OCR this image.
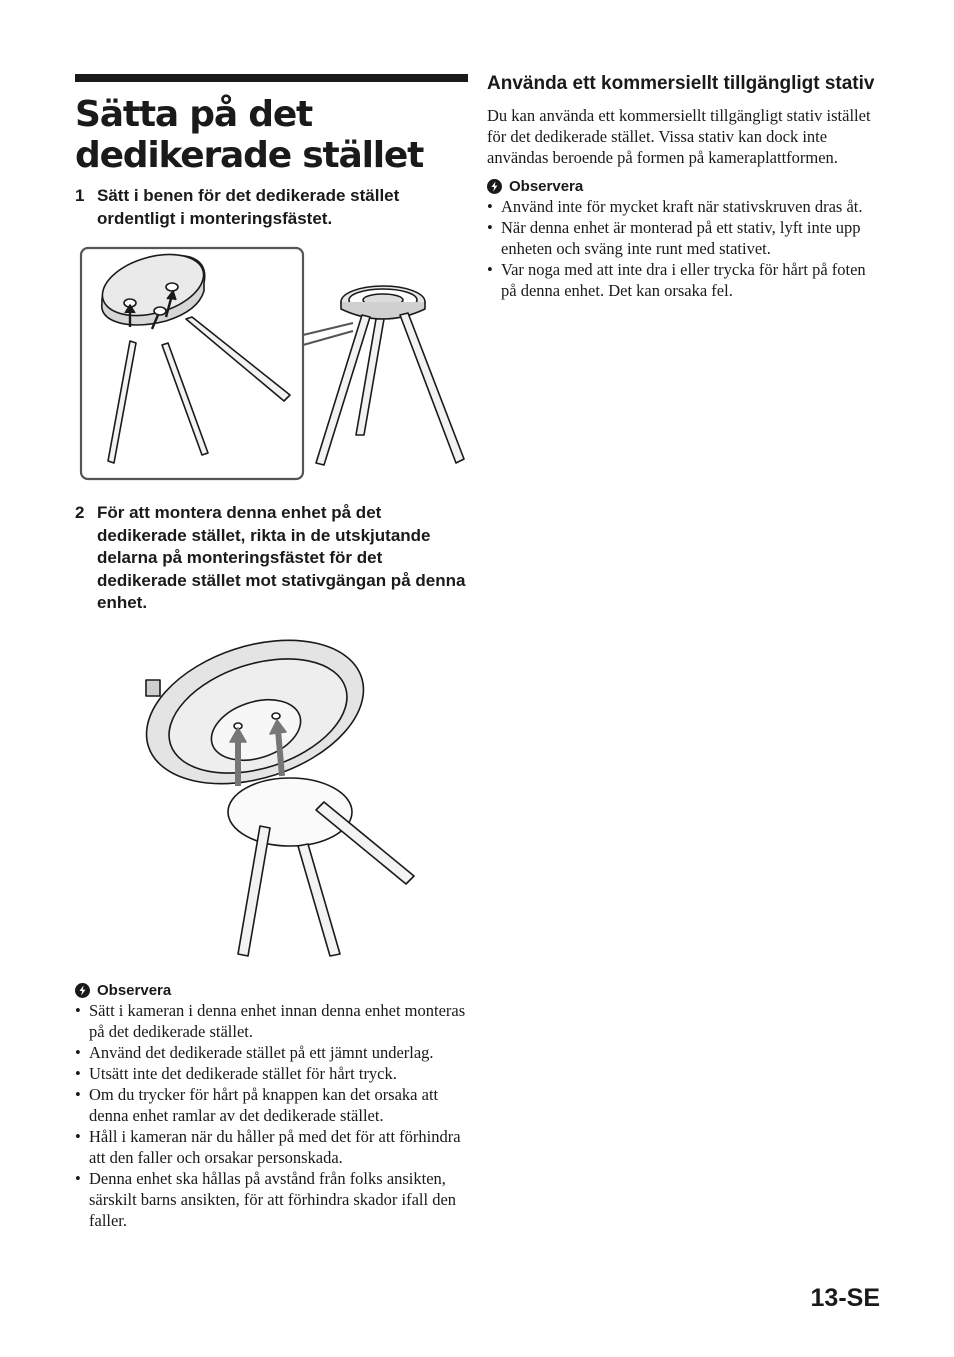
Sätta på det dedikerade stället
1 Sätt i benen för det dedikerade stället ordentligt i monteringsfästet.
2 För att montera denna enhet på det dedikerade stället, rikta in de utskjutande delarna på monteringsfästet för det dedikerade stället mot stativgängan på denna enhet.
Observera
• Sätt i kameran i denna enhet innan denna enhet monteras på det dedikerade stället.
• Använd det dedikerade stället på ett jämnt underlag.
• Utsätt inte det dedikerade stället för hårt tryck.
• Om du trycker för hårt på knappen kan det orsaka att denna enhet ramlar av det dedikerade stället.
• Håll i kameran när du håller på med det för att förhindra att den faller och orsakar personskada.
• Denna enhet ska hållas på avstånd från folks ansikten, särskilt barns ansikten, för att förhindra skador ifall den faller.
Använda ett kommersiellt tillgängligt stativ

Du kan använda ett kommersiellt tillgängligt stativ istället för det dedikerade stället. Vissa stativ kan dock inte användas beroende på formen på kameraplattformen.

Observera
• Använd inte för mycket kraft när stativskruven dras åt.
• När denna enhet är monterad på ett stativ, lyft inte upp enheten och sväng inte runt med stativet.
• Var noga med att inte dra i eller trycka för hårt på foten på denna enhet. Det kan orsaka fel.
13-SE
